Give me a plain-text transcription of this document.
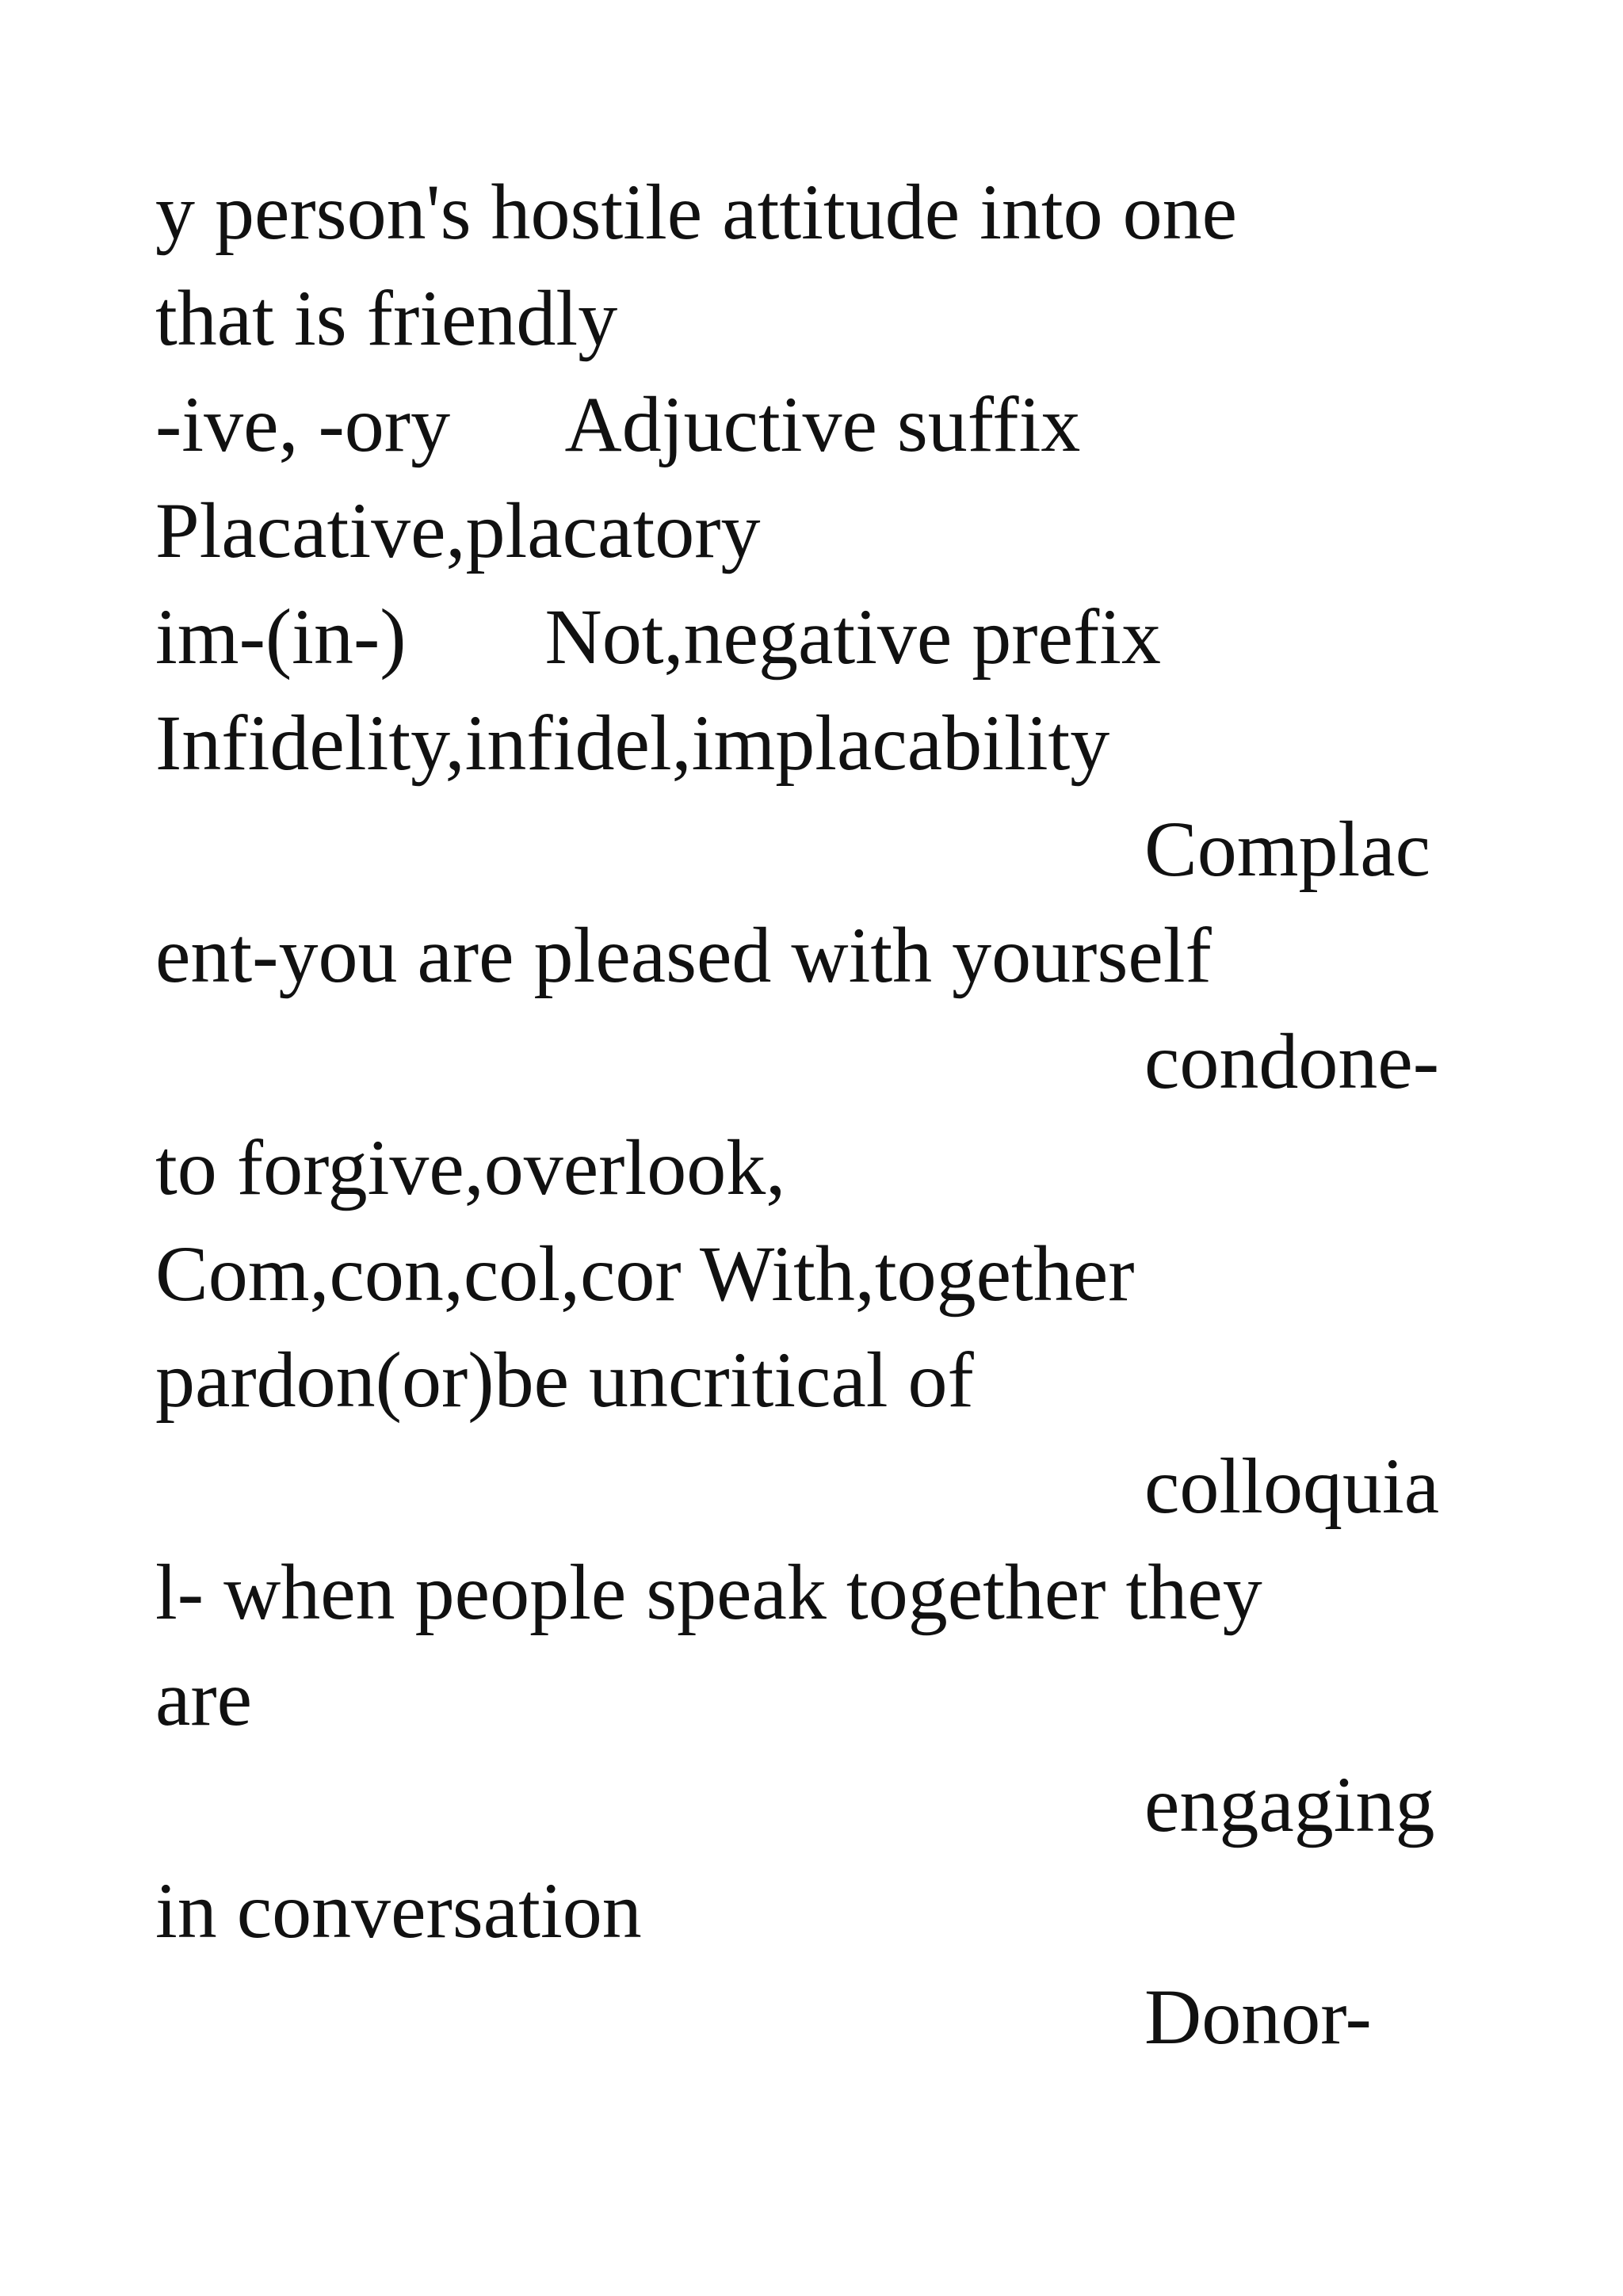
y person's hostile attitude into one
that is friendly
-ive, -ory      Adjuctive suffix
Placative,placatory
im-(in-)       Not,negative prefix
Infidelity,infidel,implacability
Complac
ent-you are pleased with yourself
condone-
to forgive,overlook,
Com,con,col,cor With,together
pardon(or)be uncritical of
colloquia
l- when people speak together they
are
engaging
in conversation
Donor-
